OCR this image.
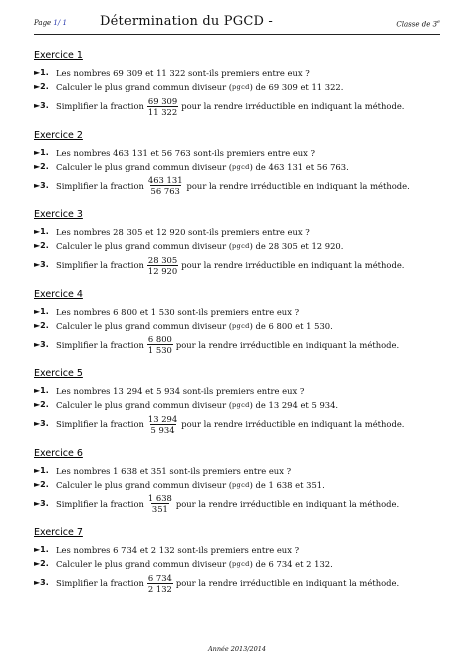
Page 1/ 1	Détermination du PGCD -	Classe de 3e
Exercice 1
►1. Les nombres 69 309 et 11 322 sont-ils premiers entre eux ?
►2. Calculer le plus grand commun diviseur ( pgcd ) de 69 309 et 11 322.
►3. Simplifier la fraction $\frac{69 309}{11 322}$ pour la rendre irréductible en indiquant la méthode.
Exercice 2
►1. Les nombres 463 131 et 56 763 sont-ils premiers entre eux ?
►2. Calculer le plus grand commun diviseur ( pgcd ) de 463 131 et 56 763.
►3. Simplifier la fraction $\frac{463 131}{56 763}$ pour la rendre irréductible en indiquant la méthode.
Exercice 3
►1. Les nombres 28 305 et 12 920 sont-ils premiers entre eux ?
►2. Calculer le plus grand commun diviseur ( pgcd ) de 28 305 et 12 920.
►3. Simplifier la fraction $\frac{28 305}{12 920}$ pour la rendre irréductible en indiquant la méthode.
Exercice 4
►1. Les nombres 6 800 et 1 530 sont-ils premiers entre eux ?
►2. Calculer le plus grand commun diviseur ( pgcd ) de 6 800 et 1 530.
►3. Simplifier la fraction $\frac{6 800}{1 530}$ pour la rendre irréductible en indiquant la méthode.
Exercice 5
►1. Les nombres 13 294 et 5 934 sont-ils premiers entre eux ?
►2. Calculer le plus grand commun diviseur ( pgcd ) de 13 294 et 5 934.
►3. Simplifier la fraction $\frac{13 294}{5 934}$ pour la rendre irréductible en indiquant la méthode.
Exercice 6
►1. Les nombres 1 638 et 351 sont-ils premiers entre eux ?
►2. Calculer le plus grand commun diviseur ( pgcd ) de 1 638 et 351.
►3. Simplifier la fraction $\frac{1 638}{351}$ pour la rendre irréductible en indiquant la méthode.
Exercice 7
►1. Les nombres 6 734 et 2 132 sont-ils premiers entre eux ?
►2. Calculer le plus grand commun diviseur ( pgcd ) de 6 734 et 2 132.
►3. Simplifier la fraction $\frac{6 734}{2 132}$ pour la rendre irréductible en indiquant la méthode.
Année 2013/2014
